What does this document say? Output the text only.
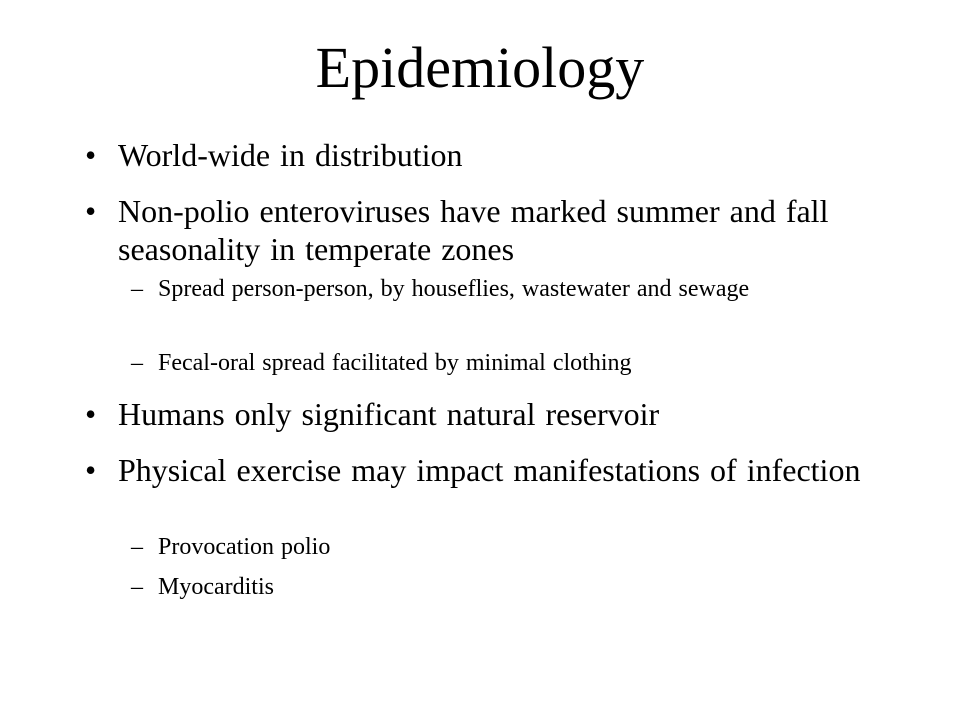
Epidemiology
• World-wide in distribution
• Non-polio enteroviruses have marked summer and fall seasonality in temperate zones
– Spread person-person, by houseflies, wastewater and sewage
– Fecal-oral spread facilitated by minimal clothing
• Humans only significant natural reservoir
• Physical exercise may impact manifestations of infection
– Provocation polio
– Myocarditis
